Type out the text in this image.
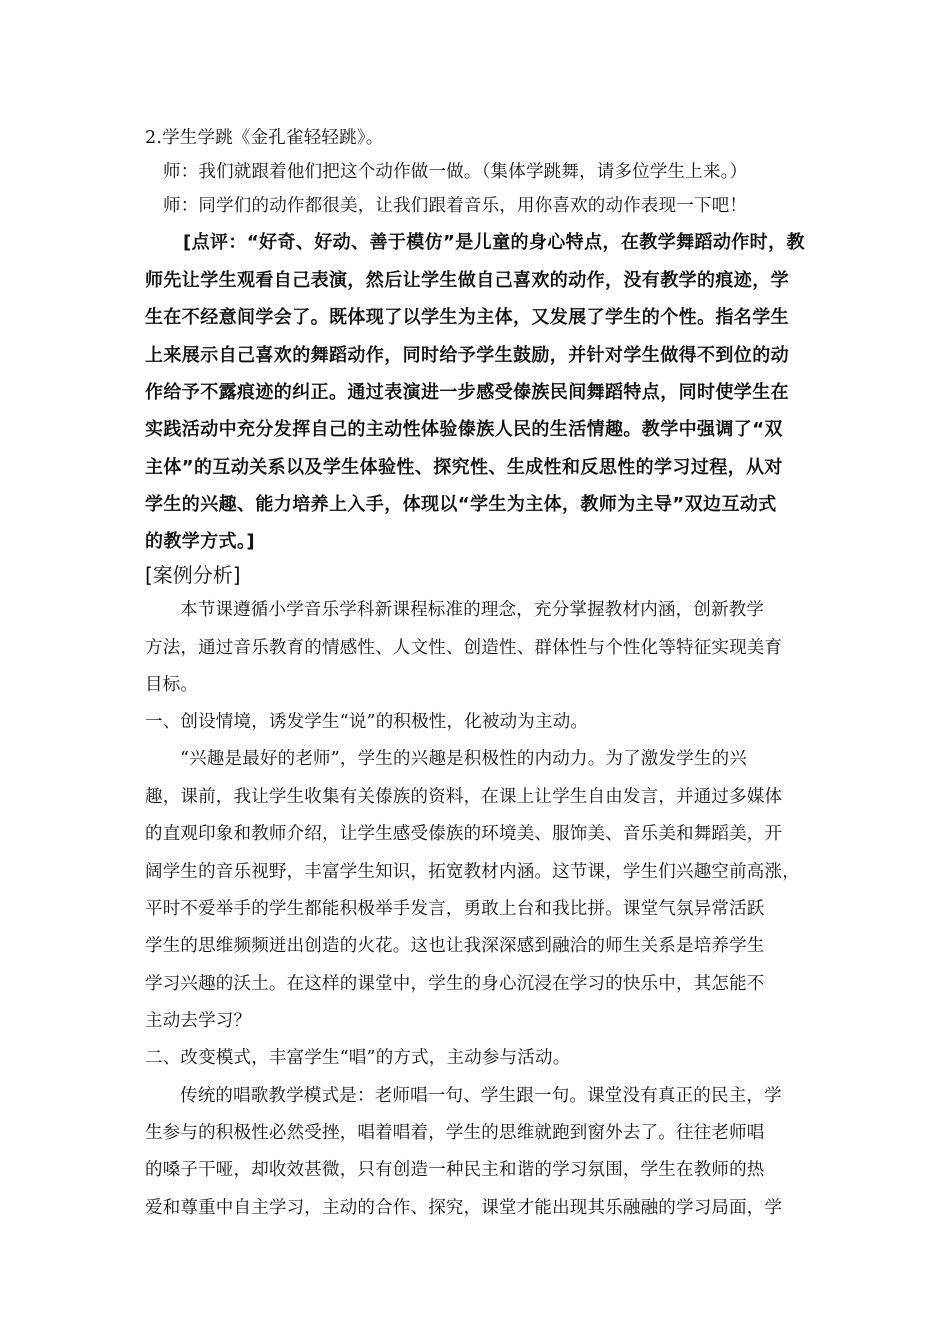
2.学生学跳《金孔雀轻轻跳》。
师：我们就跟着他们把这个动作做一做。（集体学跳舞，请多位学生上来。）
师：同学们的动作都很美，让我们跟着音乐，用你喜欢的动作表现一下吧！
[点评：“好奇、好动、善于模仿”是儿童的身心特点，在教学舞蹈动作时，教
师先让学生观看自己表演，然后让学生做自己喜欢的动作，没有教学的痕迹，学
生在不经意间学会了。既体现了以学生为主体，又发展了学生的个性。指名学生
上来展示自己喜欢的舞蹈动作，同时给予学生鼓励，并针对学生做得不到位的动
作给予不露痕迹的纠正。通过表演进一步感受傣族民间舞蹈特点，同时使学生在
实践活动中充分发挥自己的主动性体验傣族人民的生活情趣。教学中强调了“双
主体”的互动关系以及学生体验性、探究性、生成性和反思性的学习过程，从对
学生的兴趣、能力培养上入手，体现以“学生为主体，教师为主导”双边互动式
的教学方式。]
[案例分析]
本节课遵循小学音乐学科新课程标准的理念，充分掌握教材内涵，创新教学
方法，通过音乐教育的情感性、人文性、创造性、群体性与个性化等特征实现美育
目标。
一、创设情境，诱发学生“说”的积极性，化被动为主动。
“兴趣是最好的老师”，学生的兴趣是积极性的内动力。为了激发学生的兴
趣，课前，我让学生收集有关傣族的资料，在课上让学生自由发言，并通过多媒体
的直观印象和教师介绍，让学生感受傣族的环境美、服饰美、音乐美和舞蹈美，开
阔学生的音乐视野，丰富学生知识，拓宽教材内涵。这节课，学生们兴趣空前高涨，
平时不爱举手的学生都能积极举手发言，勇敢上台和我比拼。课堂气氛异常活跃
学生的思维频频迸出创造的火花。这也让我深深感到融洽的师生关系是培养学生
学习兴趣的沃土。在这样的课堂中，学生的身心沉浸在学习的快乐中，其怎能不
主动去学习？
二、改变模式，丰富学生“唱”的方式，主动参与活动。
传统的唱歌教学模式是：老师唱一句、学生跟一句。课堂没有真正的民主，学
生参与的积极性必然受挫，唱着唱着，学生的思维就跑到窗外去了。往往老师唱
的嗓子干哑，却收效甚微，只有创造一种民主和谐的学习氛围，学生在教师的热
爱和尊重中自主学习，主动的合作、探究，课堂才能出现其乐融融的学习局面，学
